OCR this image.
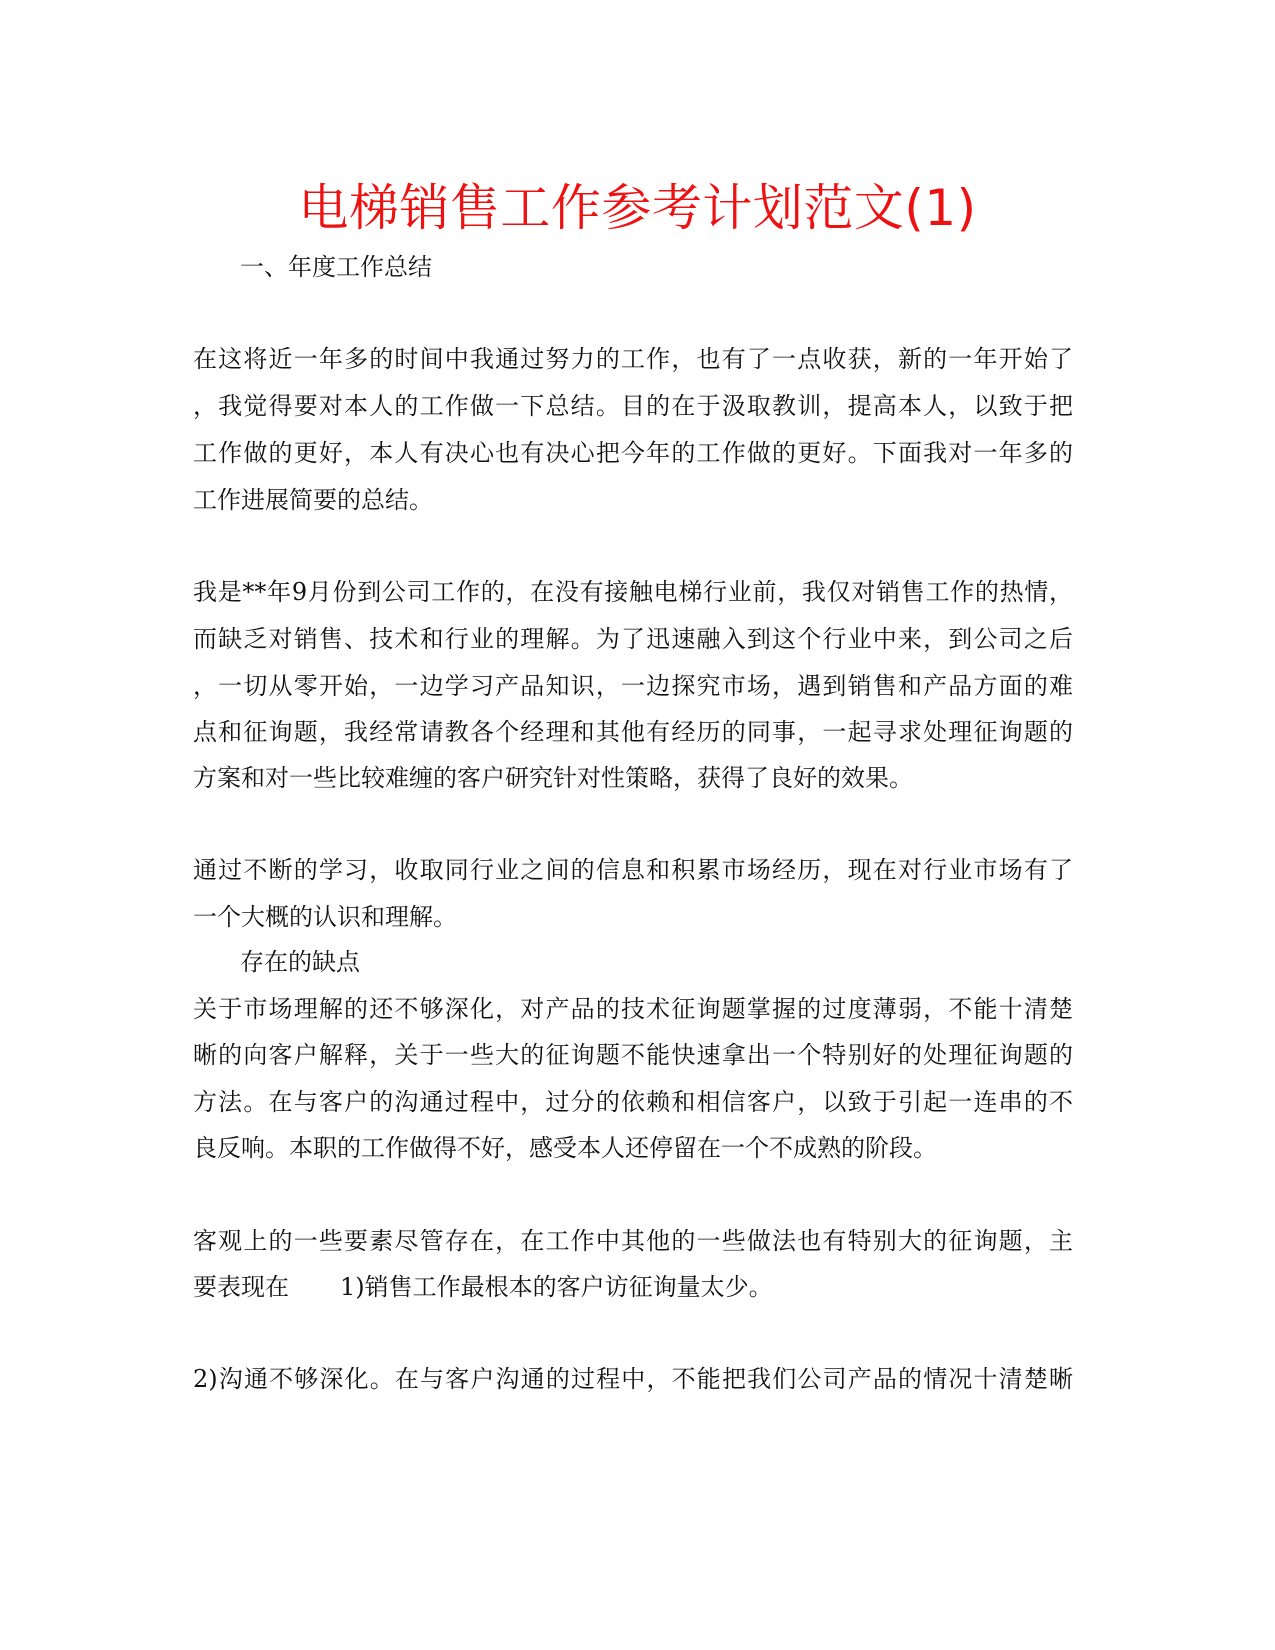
电梯销售工作参考计划范文(1)
一、年度工作总结
在这将近一年多的时间中我通过努力的工作，也有了一点收获，新的一年开始了
，我觉得要对本人的工作做一下总结。目的在于汲取教训，提高本人，以致于把
工作做的更好，本人有决心也有决心把今年的工作做的更好。下面我对一年多的
工作进展简要的总结。
我是**年9月份到公司工作的，在没有接触电梯行业前，我仅对销售工作的热情，
而缺乏对销售、技术和行业的理解。为了迅速融入到这个行业中来，到公司之后
，一切从零开始，一边学习产品知识，一边探究市场，遇到销售和产品方面的难
点和征询题，我经常请教各个经理和其他有经历的同事，一起寻求处理征询题的
方案和对一些比较难缠的客户研究针对性策略，获得了良好的效果。
通过不断的学习，收取同行业之间的信息和积累市场经历，现在对行业市场有了
一个大概的认识和理解。
存在的缺点
关于市场理解的还不够深化，对产品的技术征询题掌握的过度薄弱，不能十清楚
晰的向客户解释，关于一些大的征询题不能快速拿出一个特别好的处理征询题的
方法。在与客户的沟通过程中，过分的依赖和相信客户，以致于引起一连串的不
良反响。本职的工作做得不好，感受本人还停留在一个不成熟的阶段。
客观上的一些要素尽管存在，在工作中其他的一些做法也有特别大的征询题，主
要表现在	1)销售工作最根本的客户访征询量太少。
2)沟通不够深化。在与客户沟通的过程中，不能把我们公司产品的情况十清楚晰
